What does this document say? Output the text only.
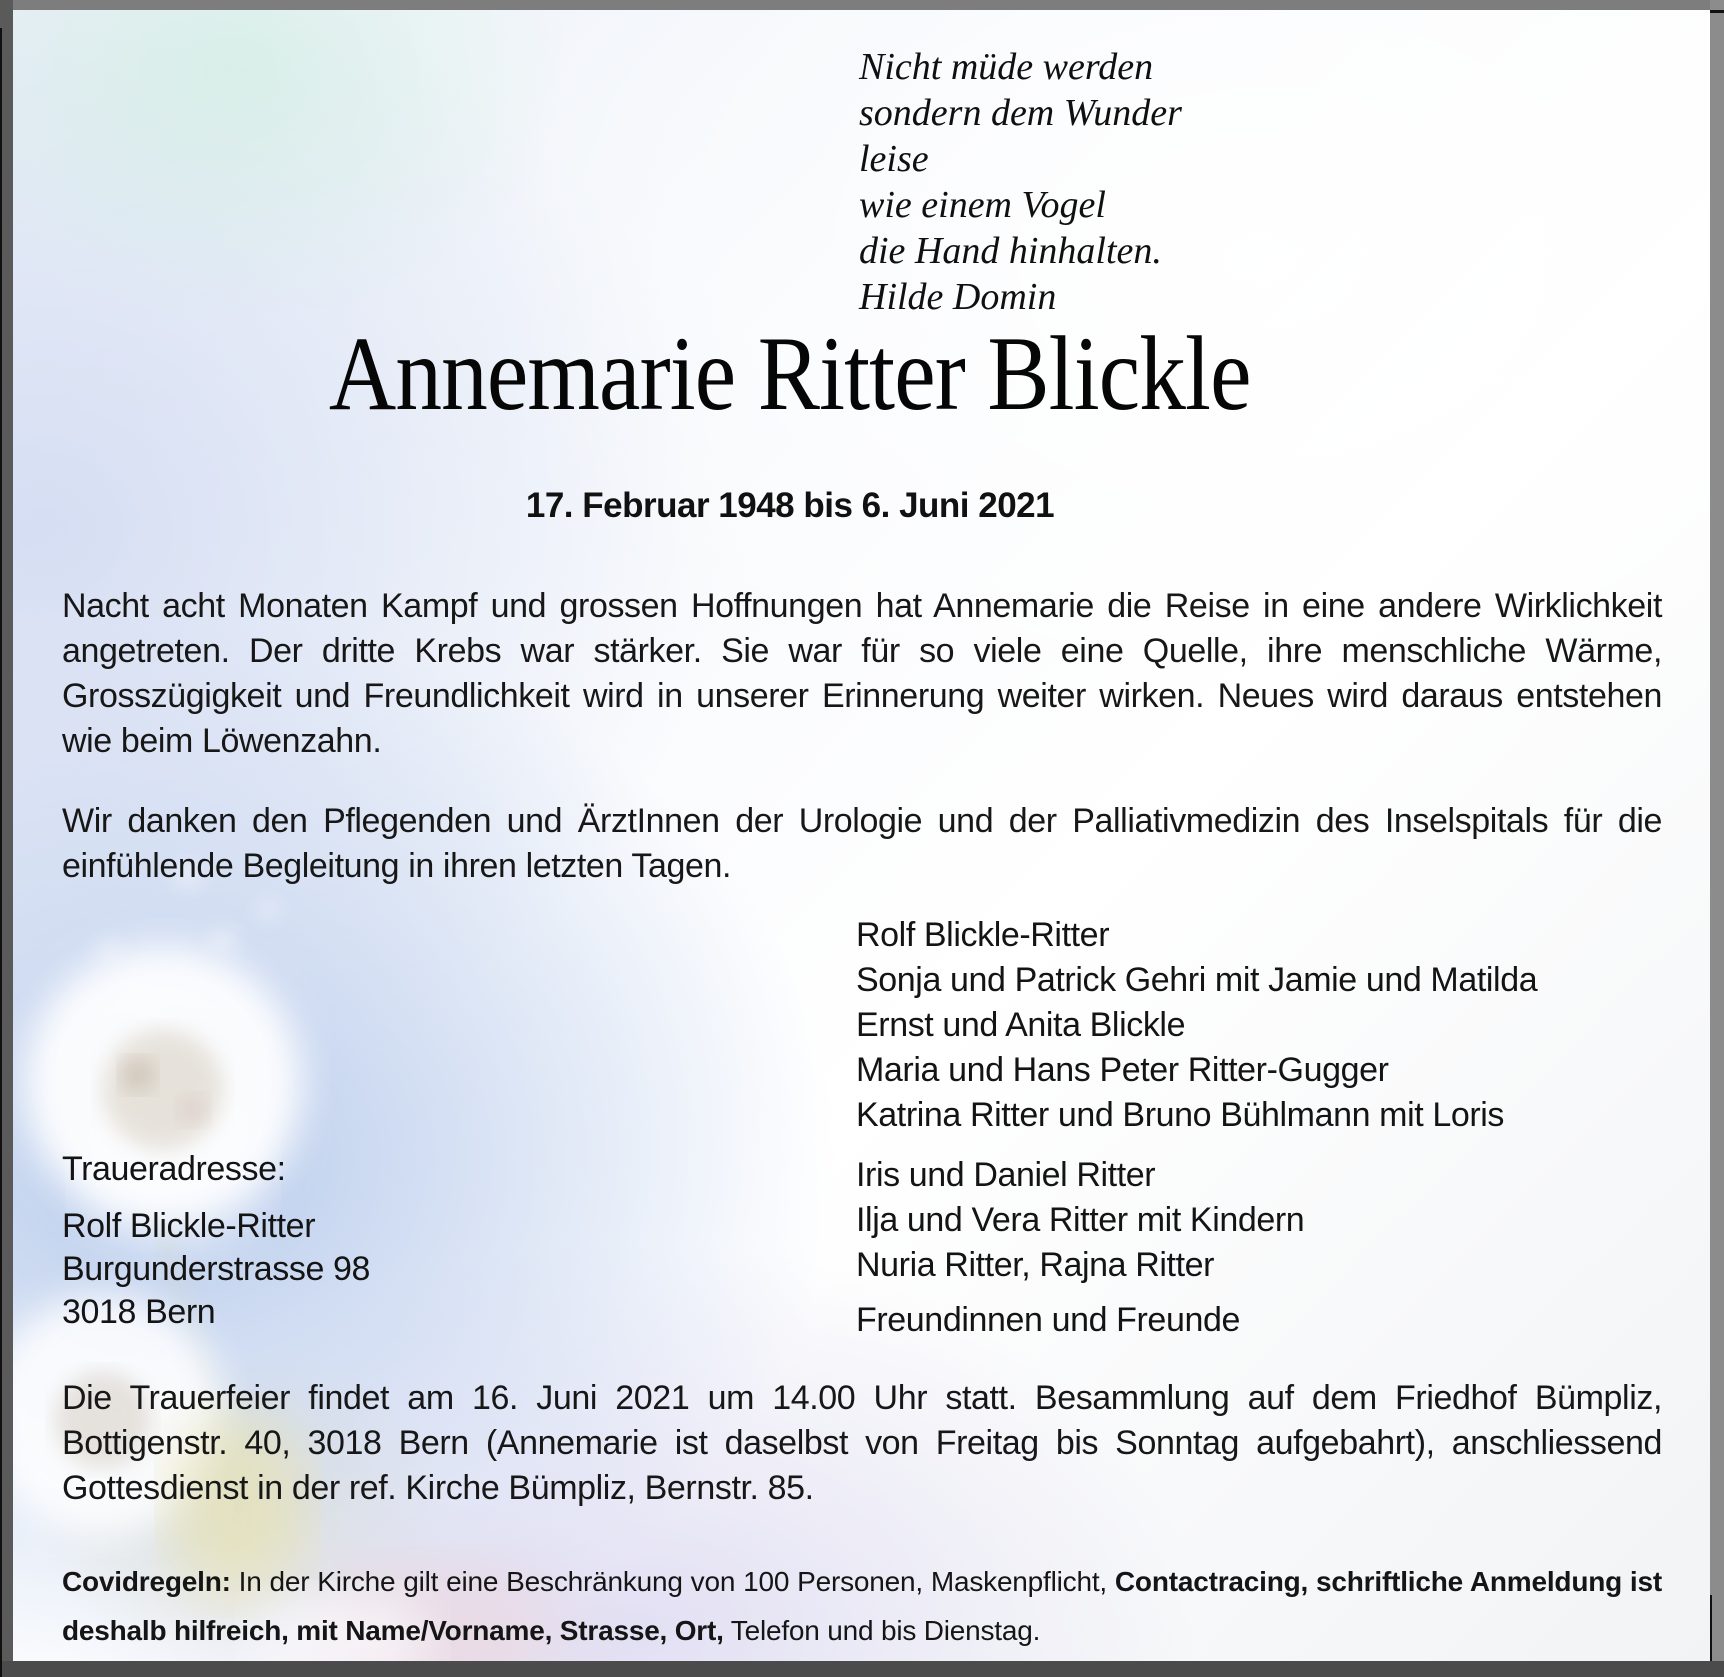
Nicht müde werden
sondern dem Wunder
leise
wie einem Vogel
die Hand hinhalten.
Hilde Domin
Annemarie Ritter Blickle
17. Februar 1948 bis 6. Juni 2021

Nacht acht Monaten Kampf und grossen Hoffnungen hat Annemarie die Reise in eine andere Wirklichkeit angetreten. Der dritte Krebs war stärker. Sie war für so viele eine Quelle, ihre menschliche Wärme, Grosszügigkeit und Freundlichkeit wird in unserer Erinnerung weiter wirken. Neues wird daraus entstehen wie beim Löwenzahn.

Wir danken den Pflegenden und ÄrztInnen der Urologie und der Palliativmedizin des Inselspitals für die einfühlende Begleitung in ihren letzten Tagen.

Rolf Blickle-Ritter
Sonja und Patrick Gehri mit Jamie und Matilda
Ernst und Anita Blickle
Maria und Hans Peter Ritter-Gugger
Katrina Ritter und Bruno Bühlmann mit Loris
Iris und Daniel Ritter
Ilja und Vera Ritter mit Kindern
Nuria Ritter, Rajna Ritter
Freundinnen und Freunde
Traueradresse:
Rolf Blickle-Ritter
Burgunderstrasse 98
3018 Bern

Die Trauerfeier findet am 16. Juni 2021 um 14.00 Uhr statt. Besammlung auf dem Friedhof Bümpliz, Bottigenstr. 40, 3018 Bern (Annemarie ist daselbst von Freitag bis Sonntag aufgebahrt), anschliessend Gottesdienst in der ref. Kirche Bümpliz, Bernstr. 85.

Covidregeln: In der Kirche gilt eine Beschränkung von 100 Personen, Maskenpflicht, Contactracing, schriftliche Anmeldung ist deshalb hilfreich, mit Name/Vorname, Strasse, Ort, Telefon und bis Dienstag.
